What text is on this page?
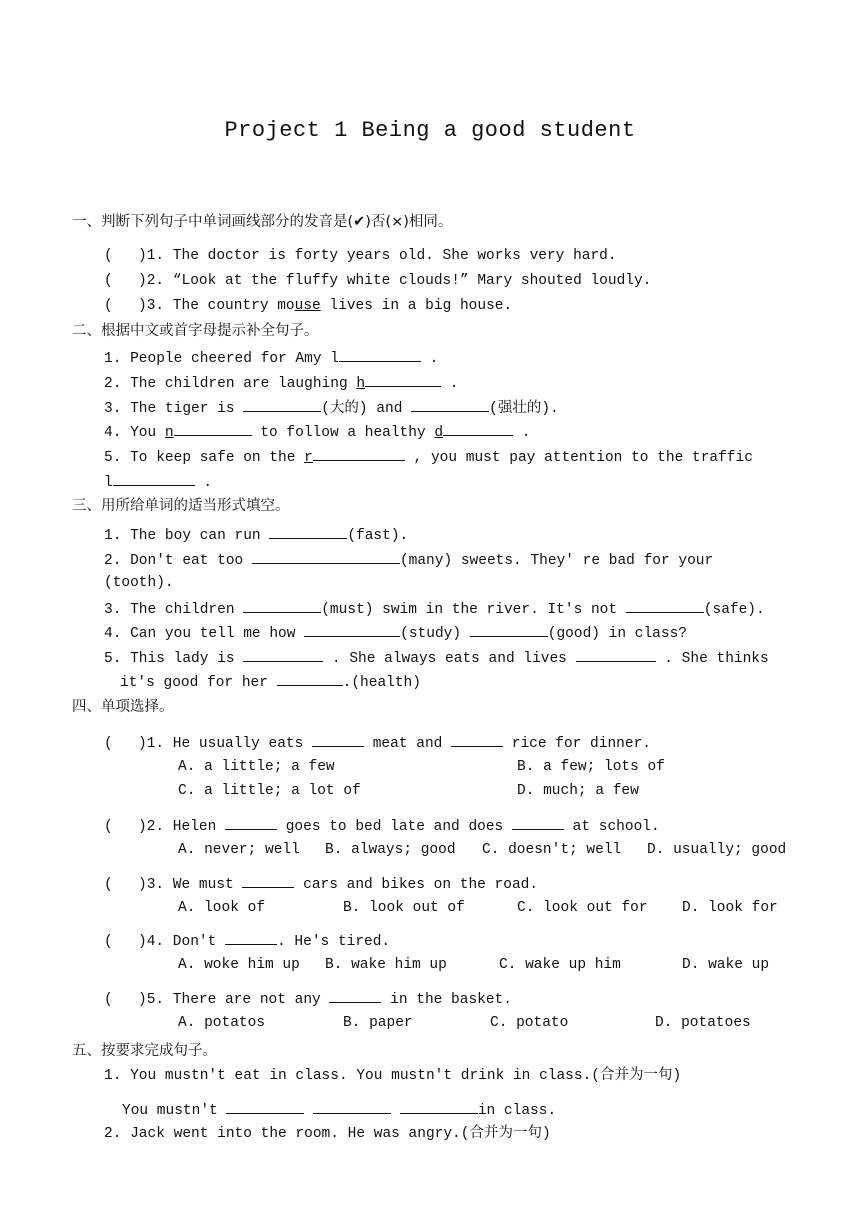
Project 1 Being a good student
一、判断下列句子中单词画线部分的发音是(✔)否(×)相同。
( )1. The doctor is forty years old. She works very hard.
( )2. “Look at the fluffy white clouds!” Mary shouted loudly.
( )3. The country mouse lives in a big house.
二、根据中文或首字母提示补全句子。
1. People cheered for Amy l	.
2. The children are laughing h	.
3. The tiger is	(大的) and	(强壮的).
4. You n	to follow a healthy d	.
5. To keep safe on the r	, you must pay attention to the traffic
l	.
三、用所给单词的适当形式填空。
1. The boy can run	(fast).
2. Don't eat too	(many) sweets. They' re bad for your
(tooth).
3. The children	(must) swim in the river. It's not	(safe).
4. Can you tell me how	(study)	(good) in class?
5. This lady is	. She always eats and lives	. She thinks
it's good for her	.(health)
四、单项选择。
( )1. He usually eats	meat and	rice for dinner.
A. a little; a few	B. a few; lots of
C. a little; a lot of	D. much; a few
( )2. Helen	goes to bed late and does	at school.
A. never; well B. always; good C. doesn't; well D. usually; good
( )3. We must	cars and bikes on the road.
A. look of	B. look out of	C. look out for D. look for
( )4. Don't	. He's tired.
A. woke him up B. wake him up	C. wake up him	D. wake up
( )5. There are not any	in the basket.
A. potatos	B. paper	C. potato	D. potatoes
五、按要求完成句子。
1. You mustn't eat in class. You mustn't drink in class.(合并为一句)
You mustn't	in class.
2. Jack went into the room. He was angry.(合并为一句)
